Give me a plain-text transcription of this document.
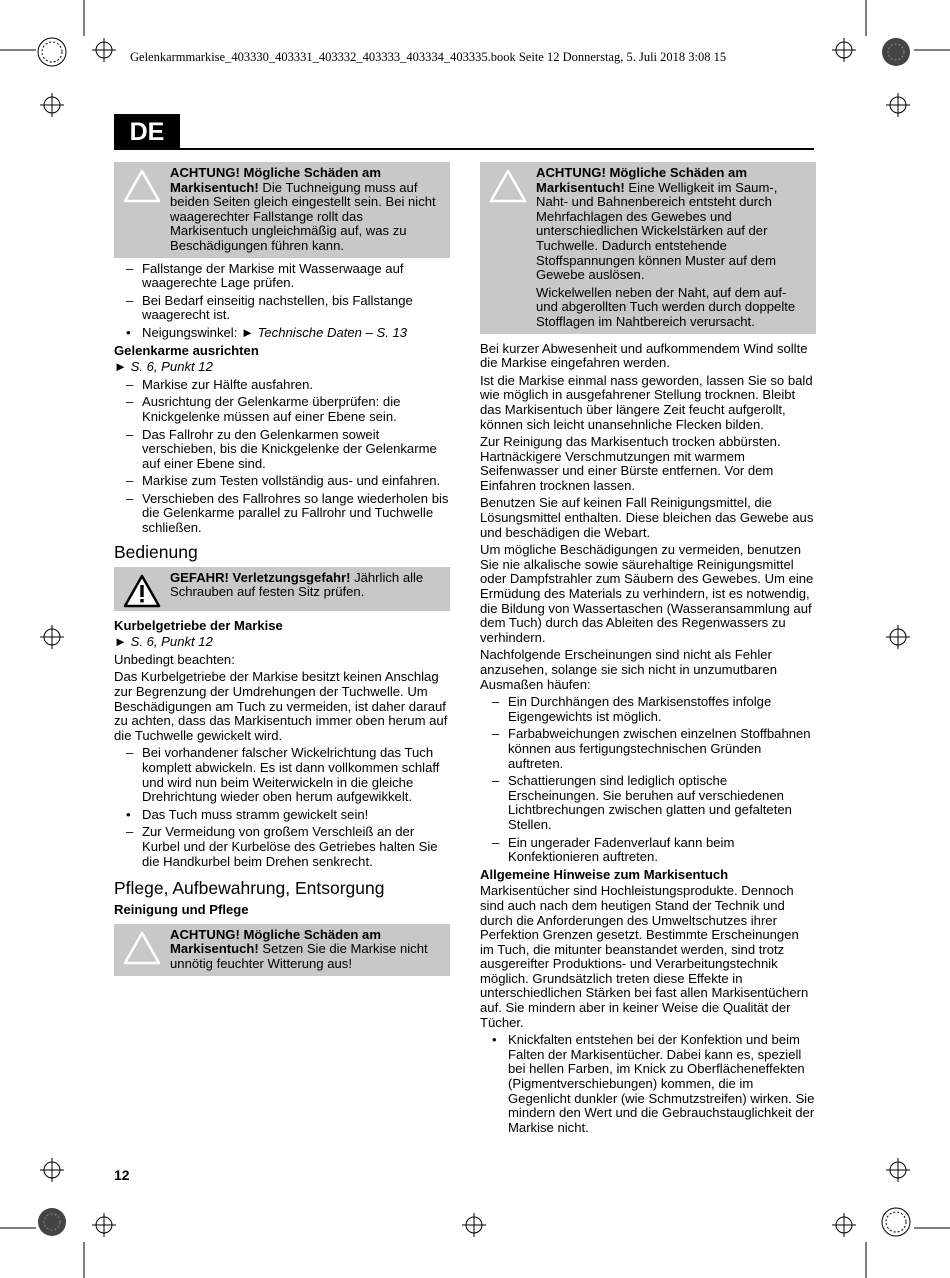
Gelenkarmmarkise_403330_403331_403332_403333_403334_403335.book Seite 12 Donnerstag, 5. Juli 2018 3:08 15
DE

ACHTUNG! Mögliche Schäden am Markisentuch! Die Tuchneigung muss auf beiden Seiten gleich eingestellt sein. Bei nicht waagerechter Fallstange rollt das Markisentuch ungleichmäßig auf, was zu Beschädigungen führen kann.

– Fallstange der Markise mit Wasserwaage auf waagerechte Lage prüfen.
– Bei Bedarf einseitig nachstellen, bis Fallstange waagerecht ist.
• Neigungswinkel: ► Technische Daten – S. 13
Gelenkarme ausrichten
► S. 6, Punkt 12
– Markise zur Hälfte ausfahren.
– Ausrichtung der Gelenkarme überprüfen: die Knickgelenke müssen auf einer Ebene sein.
– Das Fallrohr zu den Gelenkarmen soweit verschieben, bis die Knickgelenke der Gelenkarme auf einer Ebene sind.
– Markise zum Testen vollständig aus- und einfahren.
– Verschieben des Fallrohres so lange wiederholen bis die Gelenkarme parallel zu Fallrohr und Tuchwelle schließen.
Bedienung

GEFAHR! Verletzungsgefahr! Jährlich alle Schrauben auf festen Sitz prüfen.

Kurbelgetriebe der Markise
► S. 6, Punkt 12

Unbedingt beachten:

Das Kurbelgetriebe der Markise besitzt keinen Anschlag zur Begrenzung der Umdrehungen der Tuchwelle. Um Beschädigungen am Tuch zu vermeiden, ist daher darauf zu achten, dass das Markisentuch immer oben herum auf die Tuchwelle gewickelt wird.

– Bei vorhandener falscher Wickelrichtung das Tuch komplett abwickeln. Es ist dann vollkommen schlaff und wird nun beim Weiterwickeln in die gleiche Drehrichtung wieder oben herum aufgewikkelt.
• Das Tuch muss stramm gewickelt sein!
– Zur Vermeidung von großem Verschleiß an der Kurbel und der Kurbelöse des Getriebes halten Sie die Handkurbel beim Drehen senkrecht.
Pflege, Aufbewahrung, Entsorgung
Reinigung und Pflege

ACHTUNG! Mögliche Schäden am Markisentuch! Setzen Sie die Markise nicht unnötig feuchter Witterung aus!

ACHTUNG! Mögliche Schäden am Markisentuch! Eine Welligkeit im Saum-, Naht- und Bahnenbereich entsteht durch Mehrfachlagen des Gewebes und unterschiedlichen Wickelstärken auf der Tuchwelle. Dadurch entstehende Stoffspannungen können Muster auf dem Gewebe auslösen.

Wickelwellen neben der Naht, auf dem auf- und abgerollten Tuch werden durch doppelte Stofflagen im Nahtbereich verursacht.

Bei kurzer Abwesenheit und aufkommendem Wind sollte die Markise eingefahren werden.

Ist die Markise einmal nass geworden, lassen Sie so bald wie möglich in ausgefahrener Stellung trocknen. Bleibt das Markisentuch über längere Zeit feucht aufgerollt, können sich leicht unansehnliche Flecken bilden.

Zur Reinigung das Markisentuch trocken abbürsten. Hartnäckigere Verschmutzungen mit warmem Seifenwasser und einer Bürste entfernen. Vor dem Einfahren trocknen lassen.

Benutzen Sie auf keinen Fall Reinigungsmittel, die Lösungsmittel enthalten. Diese bleichen das Gewebe aus und beschädigen die Webart.

Um mögliche Beschädigungen zu vermeiden, benutzen Sie nie alkalische sowie säurehaltige Reinigungsmittel oder Dampfstrahler zum Säubern des Gewebes. Um eine Ermüdung des Materials zu verhindern, ist es notwendig, die Bildung von Wassertaschen (Wasseransammlung auf dem Tuch) durch das Ableiten des Regenwassers zu verhindern.

Nachfolgende Erscheinungen sind nicht als Fehler anzusehen, solange sie sich nicht in unzumutbaren Ausmaßen häufen:

– Ein Durchhängen des Markisenstoffes infolge Eigengewichts ist möglich.
– Farbabweichungen zwischen einzelnen Stoffbahnen können aus fertigungstechnischen Gründen auftreten.
– Schattierungen sind lediglich optische Erscheinungen. Sie beruhen auf verschiedenen Lichtbrechungen zwischen glatten und gefalteten Stellen.
– Ein ungerader Fadenverlauf kann beim Konfektionieren auftreten.
Allgemeine Hinweise zum Markisentuch

Markisentücher sind Hochleistungsprodukte. Dennoch sind auch nach dem heutigen Stand der Technik und durch die Anforderungen des Umweltschutzes ihrer Perfektion Grenzen gesetzt. Bestimmte Erscheinungen im Tuch, die mitunter beanstandet werden, sind trotz ausgereifter Produktions- und Verarbeitungstechnik möglich. Grundsätzlich treten diese Effekte in unterschiedlichen Stärken bei fast allen Markisentüchern auf. Sie mindern aber in keiner Weise die Qualität der Tücher.

• Knickfalten entstehen bei der Konfektion und beim Falten der Markisentücher. Dabei kann es, speziell bei hellen Farben, im Knick zu Oberflächeneffekten (Pigmentverschiebungen) kommen, die im Gegenlicht dunkler (wie Schmutzstreifen) wirken. Sie mindern den Wert und die Gebrauchstauglichkeit der Markise nicht.
12
